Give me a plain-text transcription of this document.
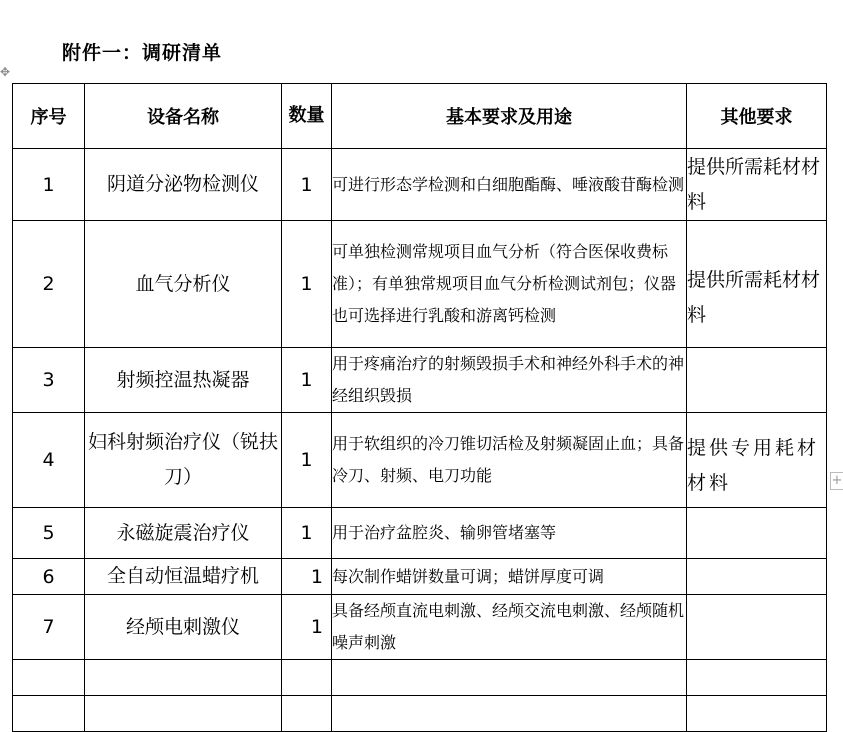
附件一：调研清单
✥
+
序号	设备名称	数量	基本要求及用途	其他要求
1	阴道分泌物检测仪	1	可进行形态学检测和白细胞酯酶、唾液酸苷酶检测	提供所需耗材材料
2	血气分析仪	1	可单独检测常规项目血气分析（符合医保收费标准）；有单独常规项目血气分析检测试剂包；仪器也可选择进行乳酸和游离钙检测	提供所需耗材材料
3	射频控温热凝器	1	用于疼痛治疗的射频毁损手术和神经外科手术的神经组织毁损	
4	妇科射频治疗仪（锐扶刀）	1	用于软组织的冷刀锥切活检及射频凝固止血；具备冷刀、射频、电刀功能	提供专用耗材材料
5	永磁旋震治疗仪	1	用于治疗盆腔炎、输卵管堵塞等	
6	全自动恒温蜡疗机	1	每次制作蜡饼数量可调；蜡饼厚度可调	
7	经颅电刺激仪	1	具备经颅直流电刺激、经颅交流电刺激、经颅随机噪声刺激	
